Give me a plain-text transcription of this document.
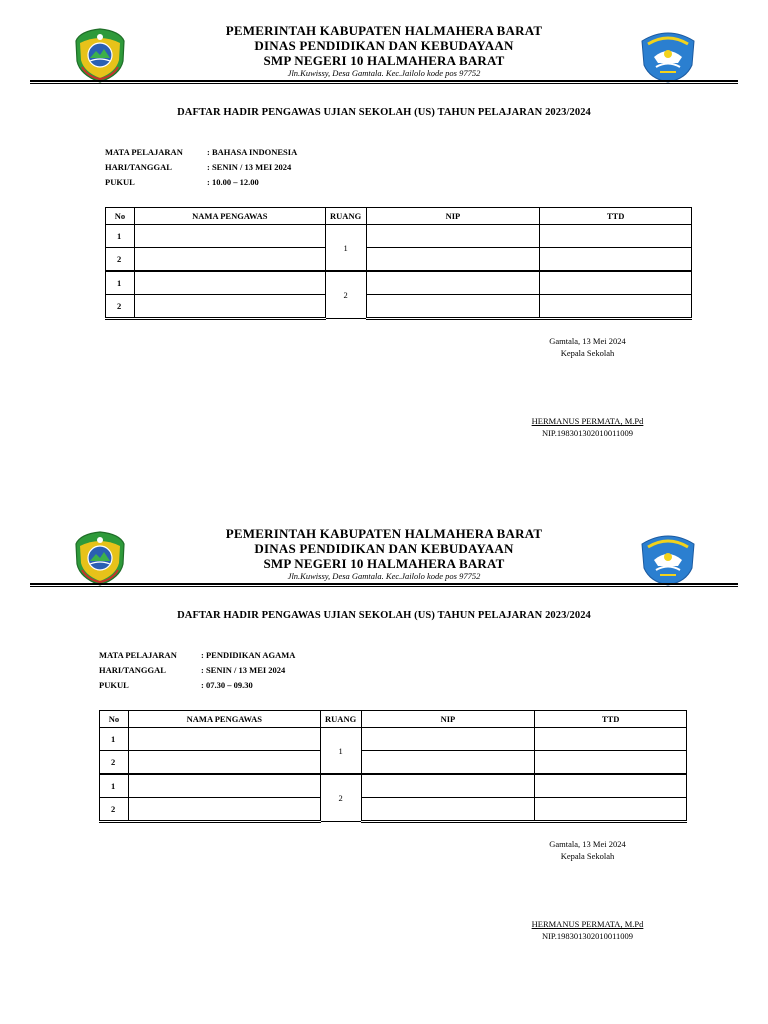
PEMERINTAH KABUPATEN HALMAHERA BARAT
DINAS PENDIDIKAN DAN KEBUDAYAAN
SMP NEGERI 10 HALMAHERA BARAT
Jln.Kuwissy, Desa Gamtala. Kec.Jailolo kode pos 97752
DAFTAR HADIR PENGAWAS UJIAN SEKOLAH (US) TAHUN PELAJARAN 2023/2024
MATA PELAJARAN	: BAHASA INDONESIA
HARI/TANGGAL	: SENIN / 13 MEI 2024
PUKUL	: 10.00 – 12.00
No	NAMA PENGAWAS	RUANG	NIP	TTD
1		1		
2				
1		2		
2				
Gamtala, 13 Mei 2024
Kepala Sekolah
HERMANUS PERMATA, M.Pd
NIP.198301302010011009
PEMERINTAH KABUPATEN HALMAHERA BARAT
DINAS PENDIDIKAN DAN KEBUDAYAAN
SMP NEGERI 10 HALMAHERA BARAT
Jln.Kuwissy, Desa Gamtala. Kec.Jailolo kode pos 97752
DAFTAR HADIR PENGAWAS UJIAN SEKOLAH (US) TAHUN PELAJARAN 2023/2024
MATA PELAJARAN	: PENDIDIKAN AGAMA
HARI/TANGGAL	: SENIN / 13 MEI 2024
PUKUL	: 07.30 – 09.30
No	NAMA PENGAWAS	RUANG	NIP	TTD
1		1		
2				
1		2		
2				
Gamtala, 13 Mei 2024
Kepala Sekolah
HERMANUS PERMATA, M.Pd
NIP.198301302010011009
